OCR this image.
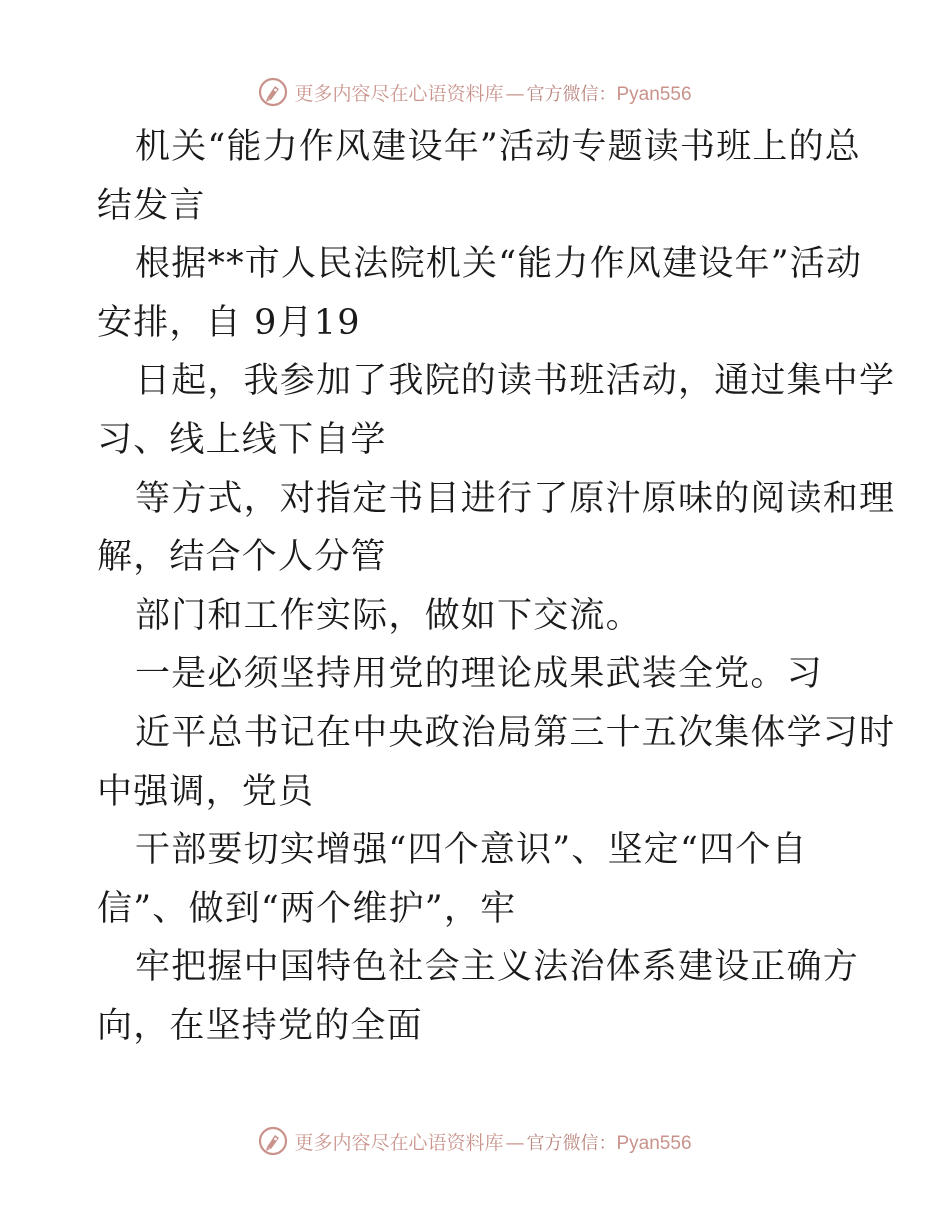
更多内容尽在心语资料库 — 官方微信： Pyan556
机关“能力作风建设年”活动专题读书班上的总
结发言
根据**市人民法院机关“能力作风建设年”活动
安排，自 9月19
日起，我参加了我院的读书班活动，通过集中学
习、线上线下自学
等方式，对指定书目进行了原汁原味的阅读和理
解，结合个人分管
部门和工作实际，做如下交流。
一是必须坚持用党的理论成果武装全党。习
近平总书记在中央政治局第三十五次集体学习时
中强调，党员
干部要切实增强“四个意识”、坚定“四个自
信”、做到“两个维护”，牢
牢把握中国特色社会主义法治体系建设正确方
向，在坚持党的全面
更多内容尽在心语资料库 — 官方微信： Pyan556
